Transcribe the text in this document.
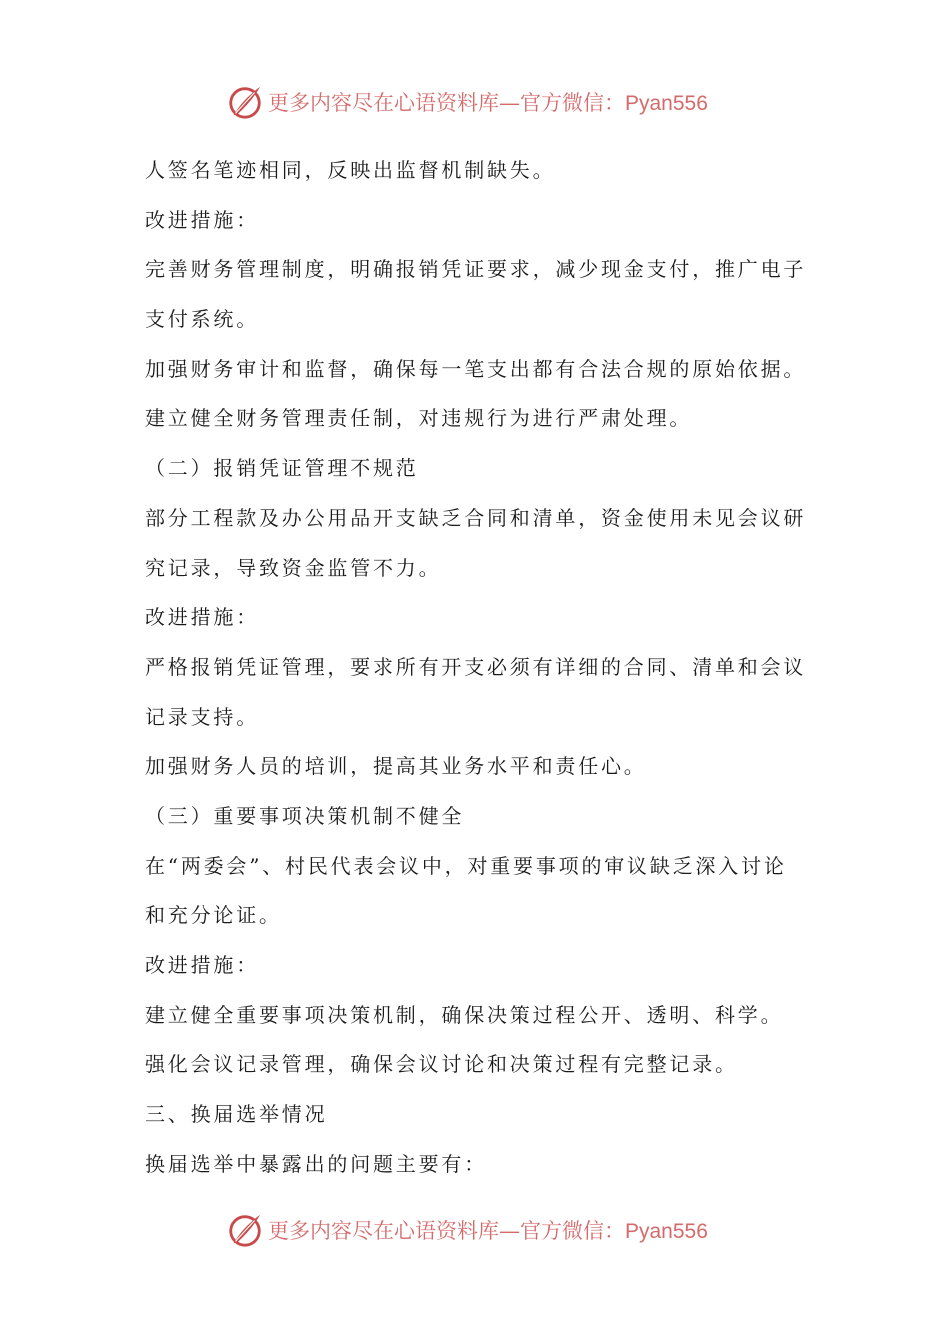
更多内容尽在心语资料库—官方微信：Pyan556
人签名笔迹相同，反映出监督机制缺失。
改进措施：
完善财务管理制度，明确报销凭证要求，减少现金支付，推广电子
支付系统。
加强财务审计和监督，确保每一笔支出都有合法合规的原始依据。
建立健全财务管理责任制，对违规行为进行严肃处理。
（二）报销凭证管理不规范
部分工程款及办公用品开支缺乏合同和清单，资金使用未见会议研
究记录，导致资金监管不力。
改进措施：
严格报销凭证管理，要求所有开支必须有详细的合同、清单和会议
记录支持。
加强财务人员的培训，提高其业务水平和责任心。
（三）重要事项决策机制不健全
在“两委会”、村民代表会议中，对重要事项的审议缺乏深入讨论
和充分论证。
改进措施：
建立健全重要事项决策机制，确保决策过程公开、透明、科学。
强化会议记录管理，确保会议讨论和决策过程有完整记录。
三、换届选举情况
换届选举中暴露出的问题主要有：
更多内容尽在心语资料库—官方微信：Pyan556
